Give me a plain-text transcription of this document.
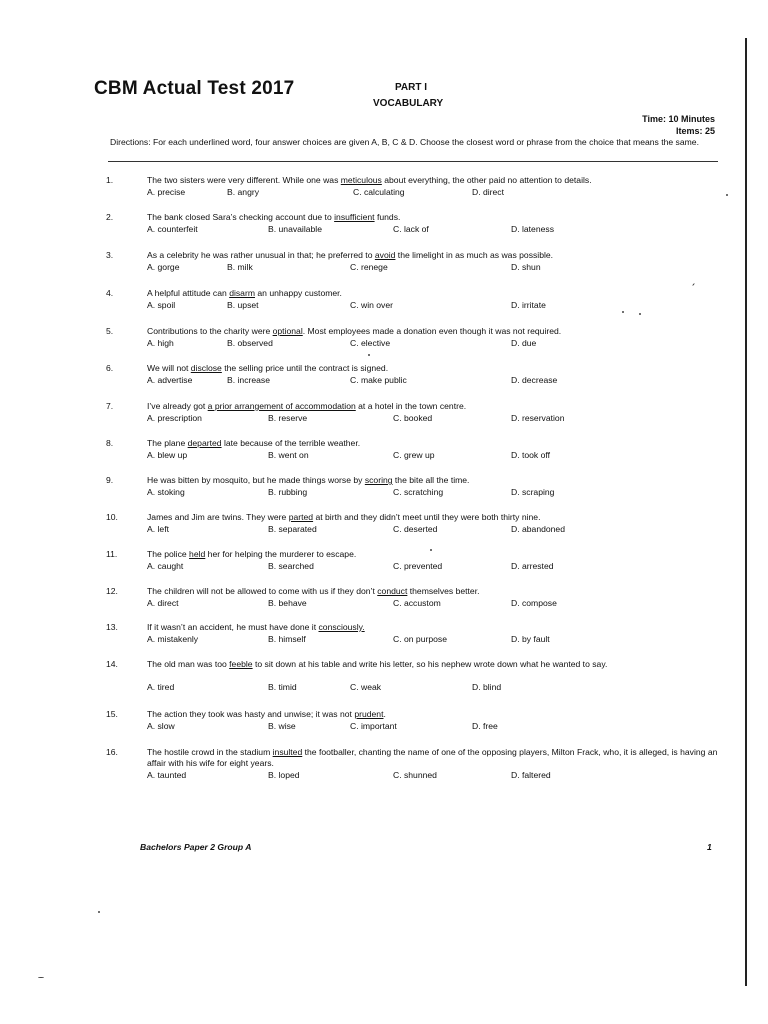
CBM Actual Test 2017	PART I
VOCABULARY
Time: 10 Minutes
Items: 25
Directions: For each underlined word, four answer choices are given A, B, C & D. Choose the closest word or phrase from the choice that means the same.
1.	The two sisters were very different. While one was meticulous about everything, the other paid no attention to details.
A. precise	B. angry	C. calculating	D. direct
2.	The bank closed Sara’s checking account due to insufficient funds.
A. counterfeit	B. unavailable	C. lack of	D. lateness
3.	As a celebrity he was rather unusual in that; he preferred to avoid the limelight in as much as was possible.
A. gorge	B. milk	C. renege	D. shun
4.	A helpful attitude can disarm an unhappy customer.
A. spoil	B. upset	C. win over	D. irritate
5.	Contributions to the charity were optional. Most employees made a donation even though it was not required.
A. high	B. observed	C. elective	D. due
6.	We will not disclose the selling price until the contract is signed.
A. advertise	B. increase	C. make public	D. decrease
7.	I’ve already got a prior arrangement of accommodation at a hotel in the town centre.
A. prescription	B. reserve	C. booked	D. reservation
8.	The plane departed late because of the terrible weather.
A. blew up	B. went on	C. grew up	D. took off
9.	He was bitten by mosquito, but he made things worse by scoring the bite all the time.
A. stoking	B. rubbing	C. scratching	D. scraping
10.	James and Jim are twins. They were parted at birth and they didn’t meet until they were both thirty nine.
A. left	B. separated	C. deserted	D. abandoned
11.	The police held her for helping the murderer to escape.
A. caught	B. searched	C. prevented	D. arrested
12.	The children will not be allowed to come with us if they don’t conduct themselves better.
A. direct	B. behave	C. accustom	D. compose
13.	If it wasn’t an accident, he must have done it consciously.
A. mistakenly	B. himself	C. on purpose	D. by fault
14.	The old man was too feeble to sit down at his table and write his letter, so his nephew wrote down what he wanted to say.
A. tired	B. timid	C. weak	D. blind
15.	The action they took was hasty and unwise; it was not prudent.
A. slow	B. wise	C. important	D. free
16.	The hostile crowd in the stadium insulted the footballer, chanting the name of one of the opposing players, Milton Frack, who, it is alleged, is having an affair with his wife for eight years.
A. taunted	B. loped	C. shunned	D. faltered
Bachelors Paper 2 Group A	1
